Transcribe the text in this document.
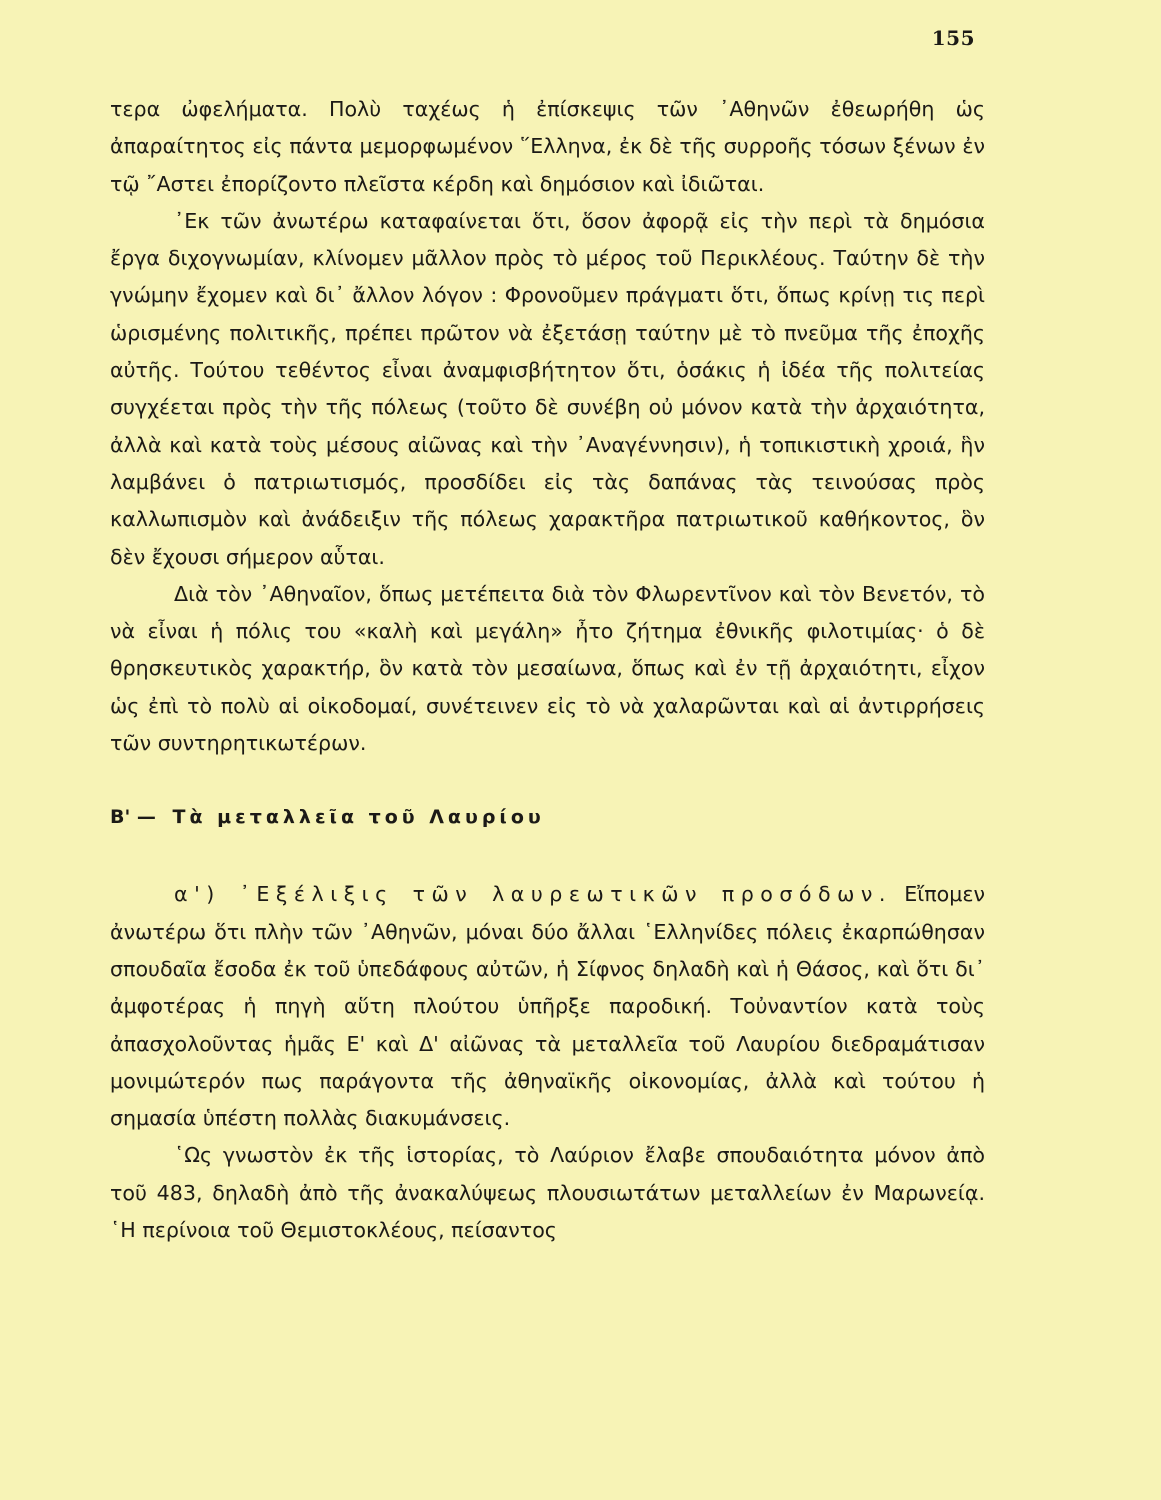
155

τερα ὠφελήματα. Πολὺ ταχέως ἡ ἐπίσκεψις τῶν ᾿Αθηνῶν ἐθεωρήθη ὡς ἀπαραίτητος εἰς πάντα μεμορφωμένον ῞Ελληνα, ἐκ δὲ τῆς συρροῆς τόσων ξένων ἐν τῷ ῎Αστει ἐπορίζοντο πλεῖστα κέρδη καὶ δημόσιον καὶ ἰδιῶται.

᾿Εκ τῶν ἀνωτέρω καταφαίνεται ὅτι, ὅσον ἀφορᾷ εἰς τὴν περὶ τὰ δημόσια ἔργα διχογνωμίαν, κλίνομεν μᾶλλον πρὸς τὸ μέρος τοῦ Περικλέους. Ταύτην δὲ τὴν γνώμην ἔχομεν καὶ δι᾿ ἄλλον λόγον : Φρονοῦμεν πράγματι ὅτι, ὅπως κρίνῃ τις περὶ ὡρισμένης πολιτικῆς, πρέπει πρῶτον νὰ ἐξετάσῃ ταύτην μὲ τὸ πνεῦμα τῆς ἐποχῆς αὐτῆς. Τούτου τεθέντος εἶναι ἀναμφισβήτητον ὅτι, ὁσάκις ἡ ἰδέα τῆς πολιτείας συγχέεται πρὸς τὴν τῆς πόλεως (τοῦτο δὲ συνέβη οὐ μόνον κατὰ τὴν ἀρχαιότητα, ἀλλὰ καὶ κατὰ τοὺς μέσους αἰῶνας καὶ τὴν ᾿Αναγέννησιν), ἡ τοπικιστικὴ χροιά, ἣν λαμβάνει ὁ πατριωτισμός, προσδίδει εἰς τὰς δαπάνας τὰς τεινούσας πρὸς καλλωπισμὸν καὶ ἀνάδειξιν τῆς πόλεως χαρακτῆρα πατριωτικοῦ καθήκοντος, ὃν δὲν ἔχουσι σήμερον αὗται.

Διὰ τὸν ᾿Αθηναῖον, ὅπως μετέπειτα διὰ τὸν Φλωρεντῖνον καὶ τὸν Βενετόν, τὸ νὰ εἶναι ἡ πόλις του «καλὴ καὶ μεγάλη» ἦτο ζήτημα ἐθνικῆς φιλοτιμίας· ὁ δὲ θρησκευτικὸς χαρακτήρ, ὃν κατὰ τὸν μεσαίωνα, ὅπως καὶ ἐν τῇ ἀρχαιότητι, εἶχον ὡς ἐπὶ τὸ πολὺ αἱ οἰκοδομαί, συνέτεινεν εἰς τὸ νὰ χαλαρῶνται καὶ αἱ ἀντιρρήσεις τῶν συντηρητικωτέρων.

Β' — Τὰ μεταλλεῖα τοῦ Λαυρίου

α') ᾿Εξέλιξις τῶν λαυρεωτικῶν προσόδων. Εἴπομεν ἀνωτέρω ὅτι πλὴν τῶν ᾿Αθηνῶν, μόναι δύο ἄλλαι ῾Ελληνίδες πόλεις ἐκαρπώθησαν σπουδαῖα ἔσοδα ἐκ τοῦ ὑπεδάφους αὐτῶν, ἡ Σίφνος δηλαδὴ καὶ ἡ Θάσος, καὶ ὅτι δι᾿ ἀμφοτέρας ἡ πηγὴ αὕτη πλούτου ὑπῆρξε παροδική. Τοὐναντίον κατὰ τοὺς ἀπασχολοῦντας ἡμᾶς Ε' καὶ Δ' αἰῶνας τὰ μεταλλεῖα τοῦ Λαυρίου διεδραμάτισαν μονιμώτερόν πως παράγοντα τῆς ἀθηναϊκῆς οἰκονομίας, ἀλλὰ καὶ τούτου ἡ σημασία ὑπέστη πολλὰς διακυμάνσεις.

῾Ως γνωστὸν ἐκ τῆς ἱστορίας, τὸ Λαύριον ἔλαβε σπουδαιότητα μόνον ἀπὸ τοῦ 483, δηλαδὴ ἀπὸ τῆς ἀνακαλύψεως πλουσιωτάτων μεταλλείων ἐν Μαρωνείᾳ. ῾Η περίνοια τοῦ Θεμιστοκλέους, πείσαντος
